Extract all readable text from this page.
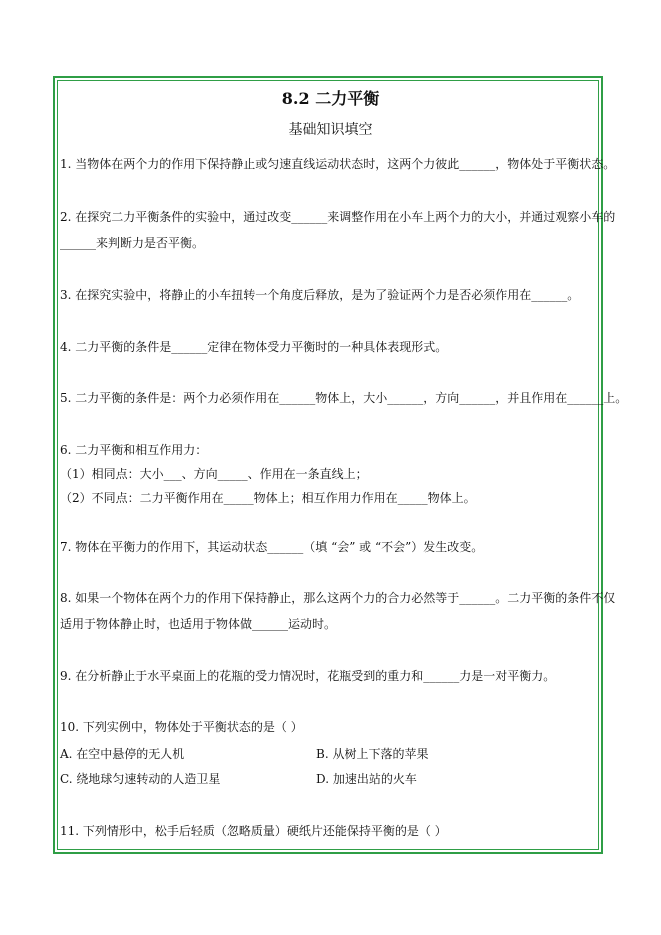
8.2 二力平衡
基础知识填空
1. 当物体在两个力的作用下保持静止或匀速直线运动状态时，这两个力彼此______，物体处于平衡状态。
2. 在探究二力平衡条件的实验中，通过改变______来调整作用在小车上两个力的大小，并通过观察小车的
______来判断力是否平衡。
3. 在探究实验中，将静止的小车扭转一个角度后释放，是为了验证两个力是否必须作用在______。
4. 二力平衡的条件是______定律在物体受力平衡时的一种具体表现形式。
5. 二力平衡的条件是：两个力必须作用在______物体上，大小______，方向______，并且作用在______上。
6. 二力平衡和相互作用力：
（1）相同点：大小___、方向_____、作用在一条直线上；
（2）不同点：二力平衡作用在_____物体上；相互作用力作用在_____物体上。
7. 物体在平衡力的作用下，其运动状态______（填 “会” 或 “不会”）发生改变。
8. 如果一个物体在两个力的作用下保持静止，那么这两个力的合力必然等于______。二力平衡的条件不仅
适用于物体静止时，也适用于物体做______运动时。
9. 在分析静止于水平桌面上的花瓶的受力情况时，花瓶受到的重力和______力是一对平衡力。
10. 下列实例中，物体处于平衡状态的是（ ）
A. 在空中悬停的无人机	B. 从树上下落的苹果
C. 绕地球匀速转动的人造卫星	D. 加速出站的火车
11. 下列情形中，松手后轻质（忽略质量）硬纸片还能保持平衡的是（ ）
